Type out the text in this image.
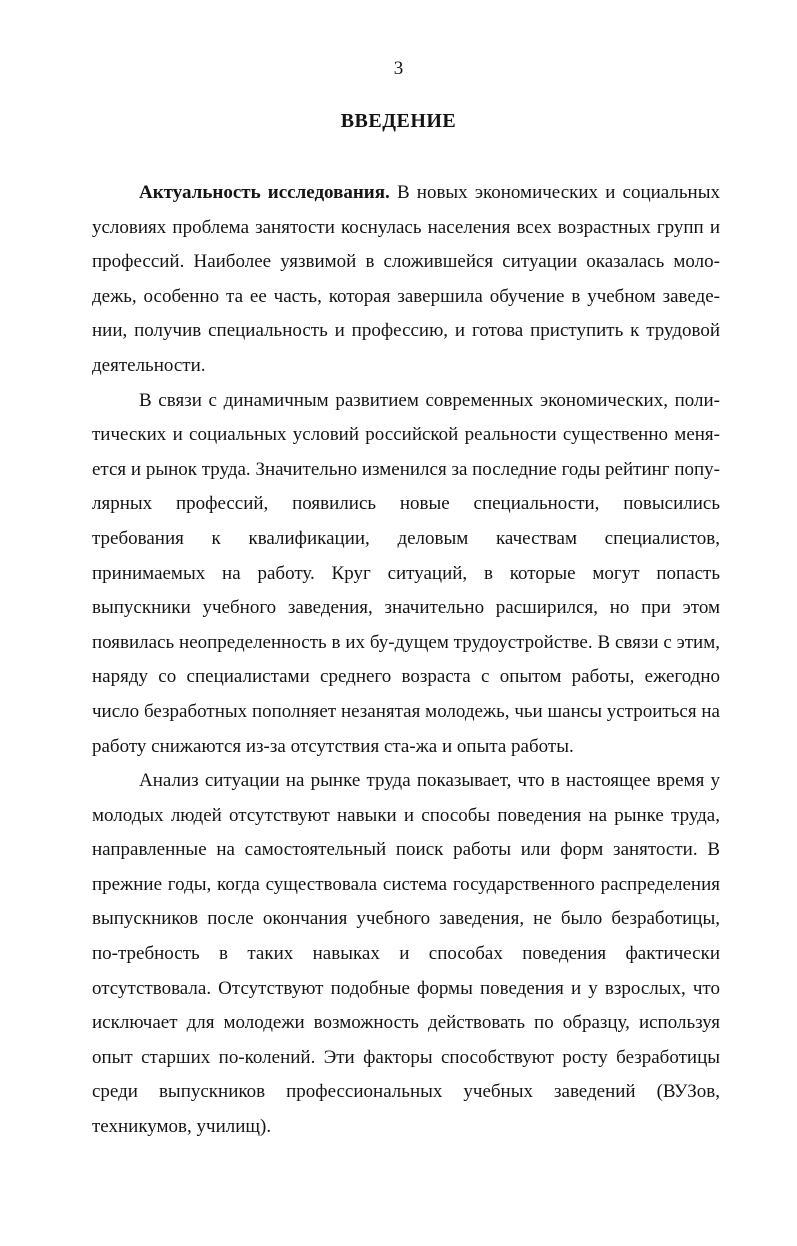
3
ВВЕДЕНИЕ

Актуальность исследования. В новых экономических и социальных условиях проблема занятости коснулась населения всех возрастных групп и профессий. Наиболее уязвимой в сложившейся ситуации оказалась моло-дежь, особенно та ее часть, которая завершила обучение в учебном заведе-нии, получив специальность и профессию, и готова приступить к трудовой деятельности.

В связи с динамичным развитием современных экономических, поли-тических и социальных условий российской реальности существенно меня-ется и рынок труда. Значительно изменился за последние годы рейтинг попу-лярных профессий, появились новые специальности, повысились требования к квалификации, деловым качествам специалистов, принимаемых на работу. Круг ситуаций, в которые могут попасть выпускники учебного заведения, значительно расширился, но при этом появилась неопределенность в их бу-дущем трудоустройстве. В связи с этим, наряду со специалистами среднего возраста с опытом работы, ежегодно число безработных пополняет незанятая молодежь, чьи шансы устроиться на работу снижаются из-за отсутствия ста-жа и опыта работы.

Анализ ситуации на рынке труда показывает, что в настоящее время у молодых людей отсутствуют навыки и способы поведения на рынке труда, направленные на самостоятельный поиск работы или форм занятости. В прежние годы, когда существовала система государственного распределения выпускников после окончания учебного заведения, не было безработицы, по-требность в таких навыках и способах поведения фактически отсутствовала. Отсутствуют подобные формы поведения и у взрослых, что исключает для молодежи возможность действовать по образцу, используя опыт старших по-колений. Эти факторы способствуют росту безработицы среди выпускников профессиональных учебных заведений (ВУЗов, техникумов, училищ).
